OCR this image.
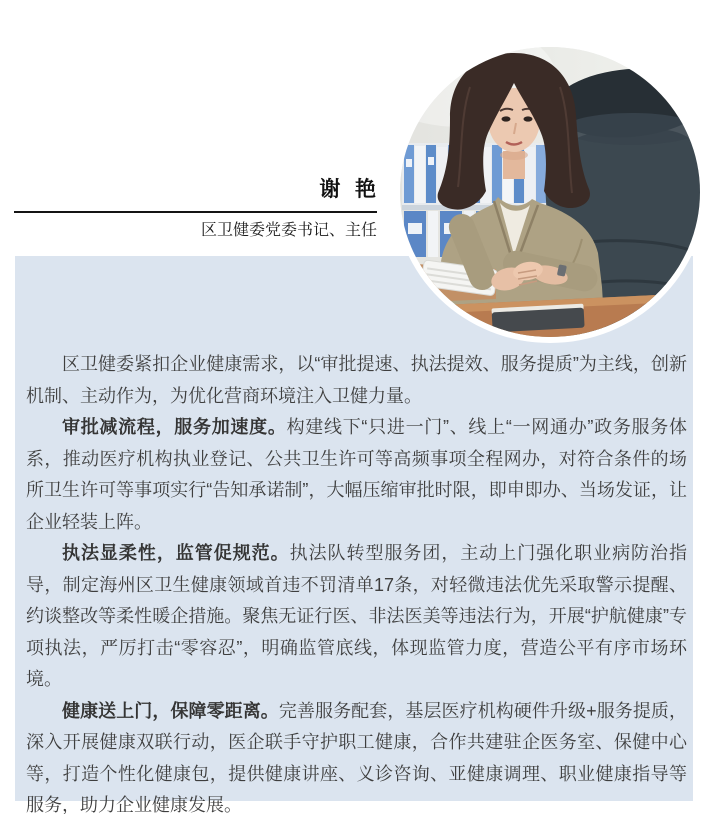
谢  艳
区卫健委党委书记、主任

区卫健委紧扣企业健康需求，以“审批提速、执法提效、服务提质”为主线，创新机制、主动作为，为优化营商环境注入卫健力量。

审批减流程，服务加速度。构建线下“只进一门”、线上“一网通办”政务服务体系，推动医疗机构执业登记、公共卫生许可等高频事项全程网办，对符合条件的场所卫生许可等事项实行“告知承诺制”，大幅压缩审批时限，即申即办、当场发证，让企业轻装上阵。

执法显柔性，监管促规范。执法队转型服务团，主动上门强化职业病防治指导，制定海州区卫生健康领域首违不罚清单17条，对轻微违法优先采取警示提醒、约谈整改等柔性暖企措施。聚焦无证行医、非法医美等违法行为，开展“护航健康”专项执法，严厉打击“零容忍”，明确监管底线，体现监管力度，营造公平有序市场环境。

健康送上门，保障零距离。完善服务配套，基层医疗机构硬件升级+服务提质，深入开展健康双联行动，医企联手守护职工健康，合作共建驻企医务室、保健中心等，打造个性化健康包，提供健康讲座、义诊咨询、亚健康调理、职业健康指导等服务，助力企业健康发展。
